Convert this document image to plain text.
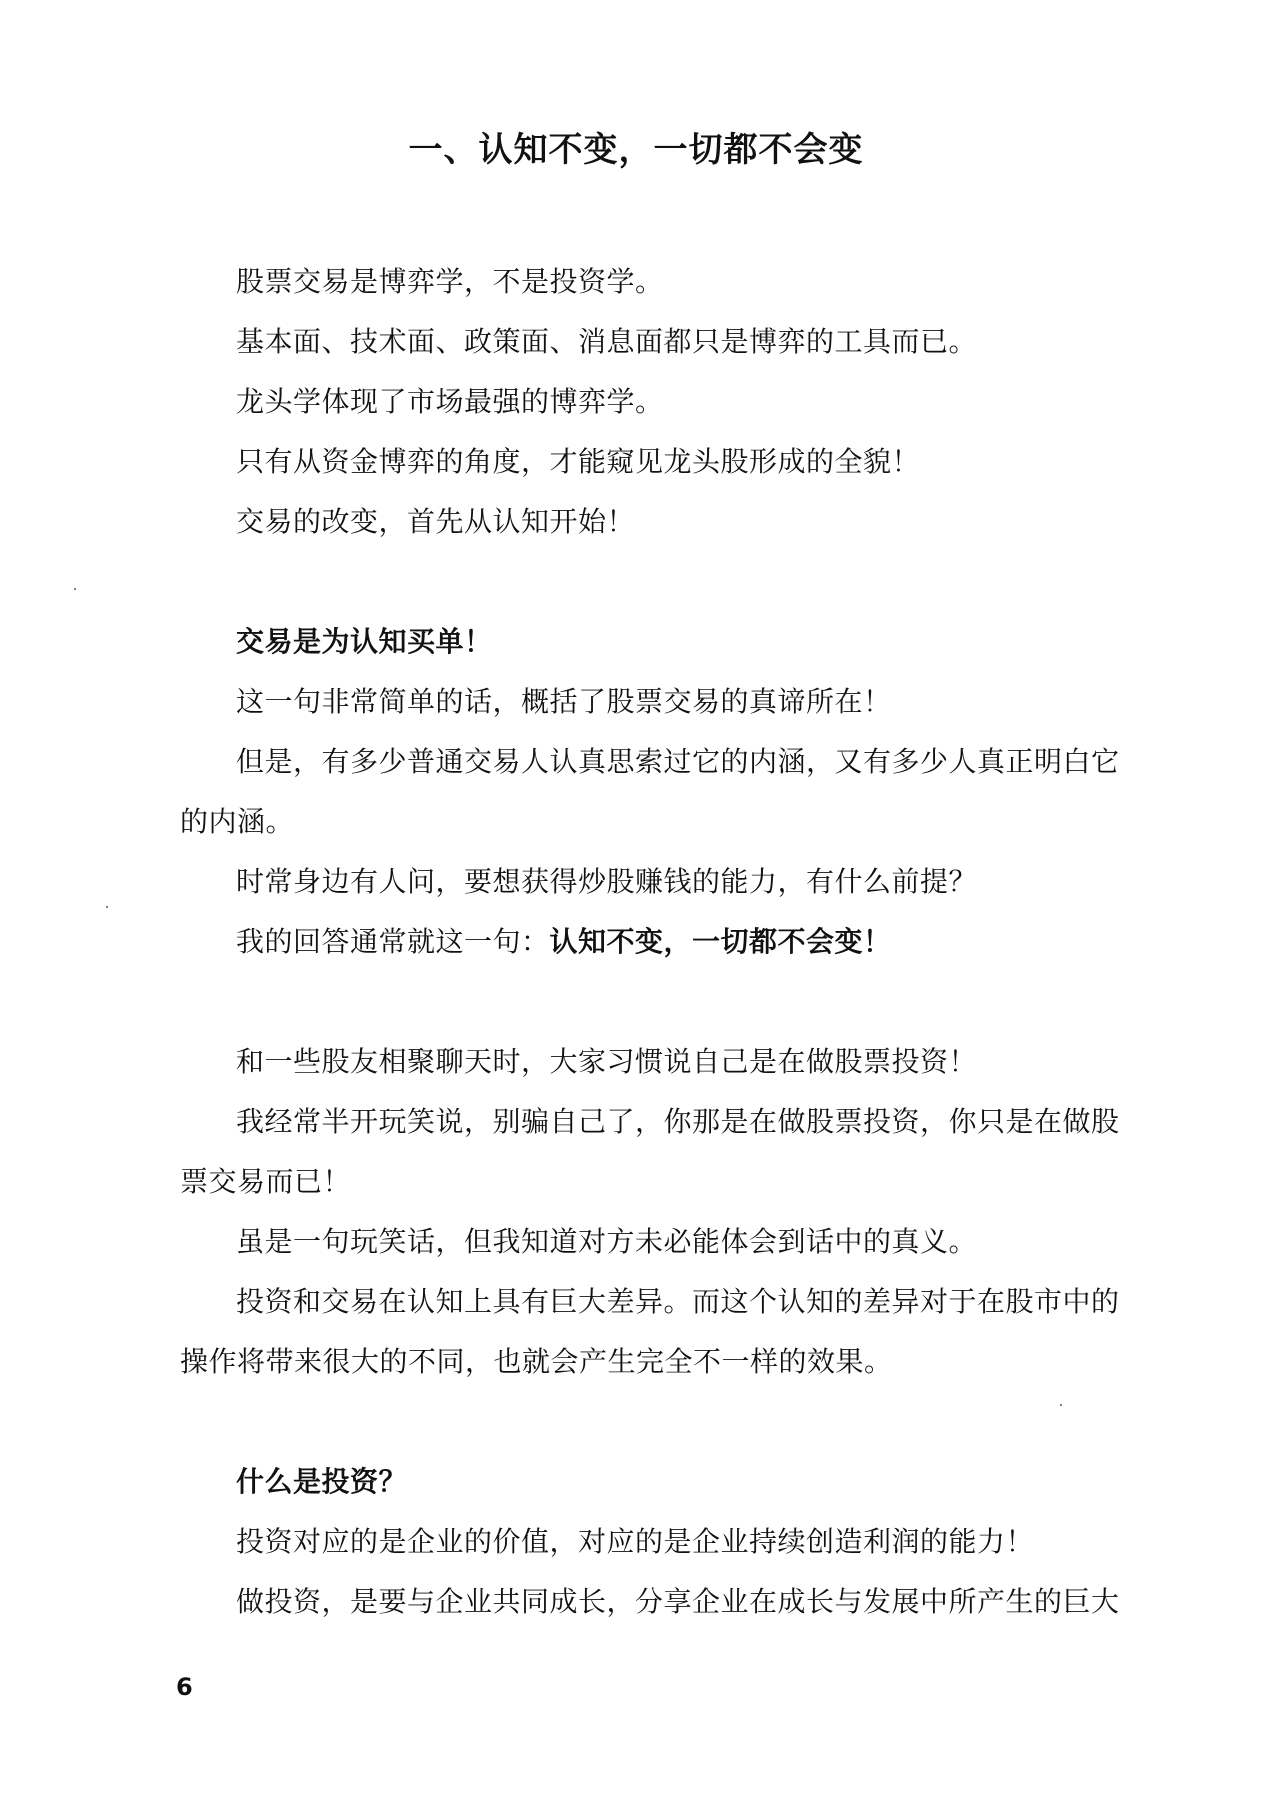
一、认知不变，一切都不会变
股票交易是博弈学，不是投资学。
基本面、技术面、政策面、消息面都只是博弈的工具而已。
龙头学体现了市场最强的博弈学。
只有从资金博弈的角度，才能窥见龙头股形成的全貌！
交易的改变，首先从认知开始！
交易是为认知买单！
这一句非常简单的话，概括了股票交易的真谛所在！
但是，有多少普通交易人认真思索过它的内涵，又有多少人真正明白它
的内涵。
时常身边有人问，要想获得炒股赚钱的能力，有什么前提？
我的回答通常就这一句：认知不变，一切都不会变！
和一些股友相聚聊天时，大家习惯说自己是在做股票投资！
我经常半开玩笑说，别骗自己了，你那是在做股票投资，你只是在做股
票交易而已！
虽是一句玩笑话，但我知道对方未必能体会到话中的真义。
投资和交易在认知上具有巨大差异。而这个认知的差异对于在股市中的
操作将带来很大的不同，也就会产生完全不一样的效果。
什么是投资？
投资对应的是企业的价值，对应的是企业持续创造利润的能力！
做投资，是要与企业共同成长，分享企业在成长与发展中所产生的巨大
6
